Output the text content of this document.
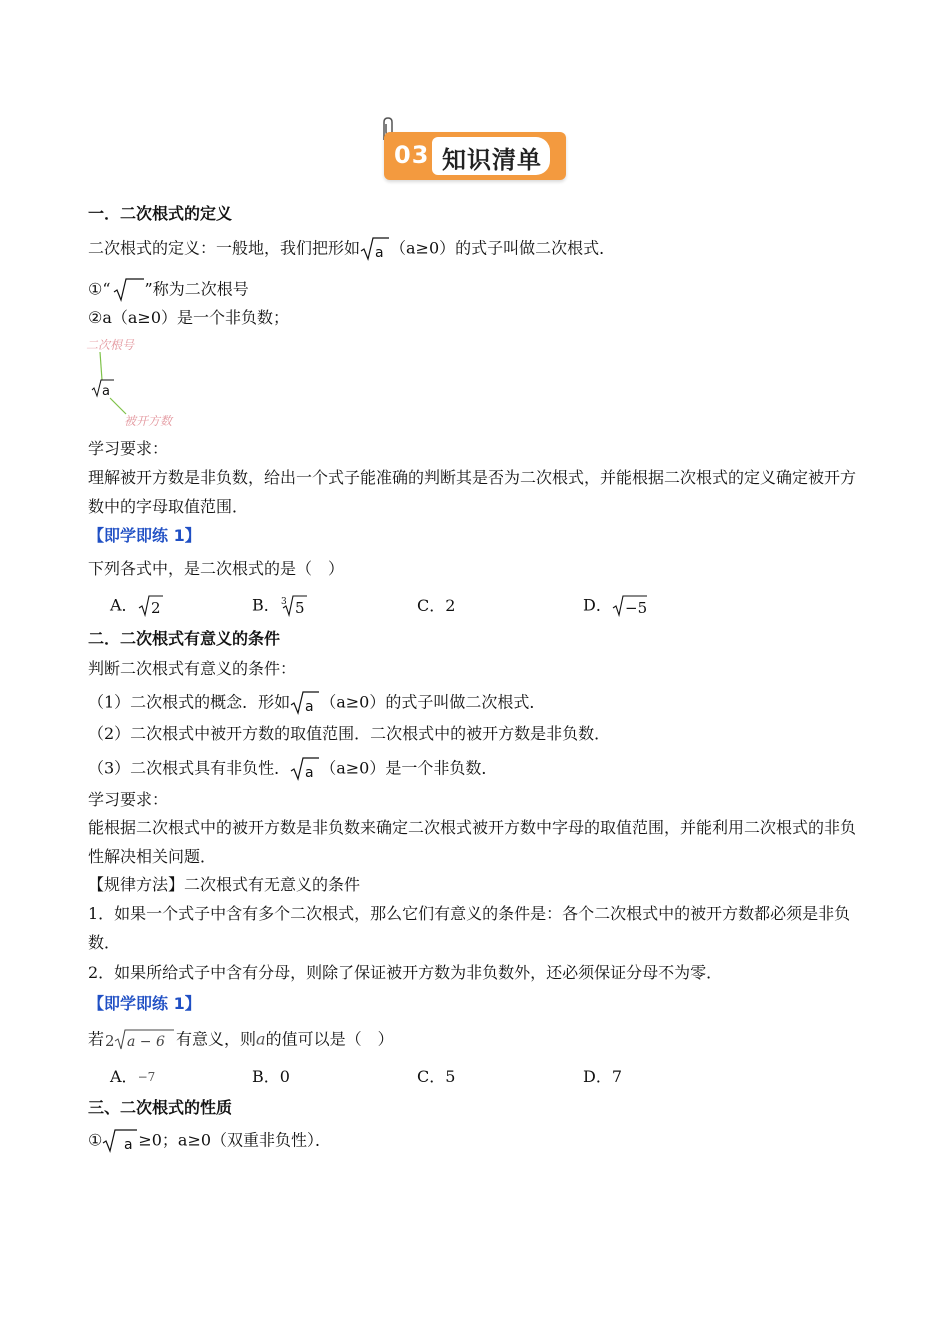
03 知识清单
一．二次根式的定义
二次根式的定义：一般地，我们把形如 a （a≥0）的式子叫做二次根式．
①“ ”称为二次根号
②a（a≥0）是一个非负数；
二次根号
a
被开方数
学习要求：
理解被开方数是非负数，给出一个式子能准确的判断其是否为二次根式，并能根据二次根式的定义确定被开方数中的字母取值范围．
【即学即练 1】
下列各式中，是二次根式的是（　）
A． 2	B． 3 5	C．2	D． −5
二．二次根式有意义的条件
判断二次根式有意义的条件：
（1）二次根式的概念．形如 a （a≥0）的式子叫做二次根式．
（2）二次根式中被开方数的取值范围．二次根式中的被开方数是非负数．
（3）二次根式具有非负性． a （a≥0）是一个非负数．
学习要求：
能根据二次根式中的被开方数是非负数来确定二次根式被开方数中字母的取值范围，并能利用二次根式的非负性解决相关问题．
【规律方法】二次根式有无意义的条件
1．如果一个式子中含有多个二次根式，那么它们有意义的条件是：各个二次根式中的被开方数都必须是非负数．
2．如果所给式子中含有分母，则除了保证被开方数为非负数外，还必须保证分母不为零．
【即学即练 1】
若 2 a − 6 有意义，则a的值可以是（　）
A．$^{-7}$	B．0	C．5	D．7
三、二次根式的性质
① a ≥0；a≥0（双重非负性）．
